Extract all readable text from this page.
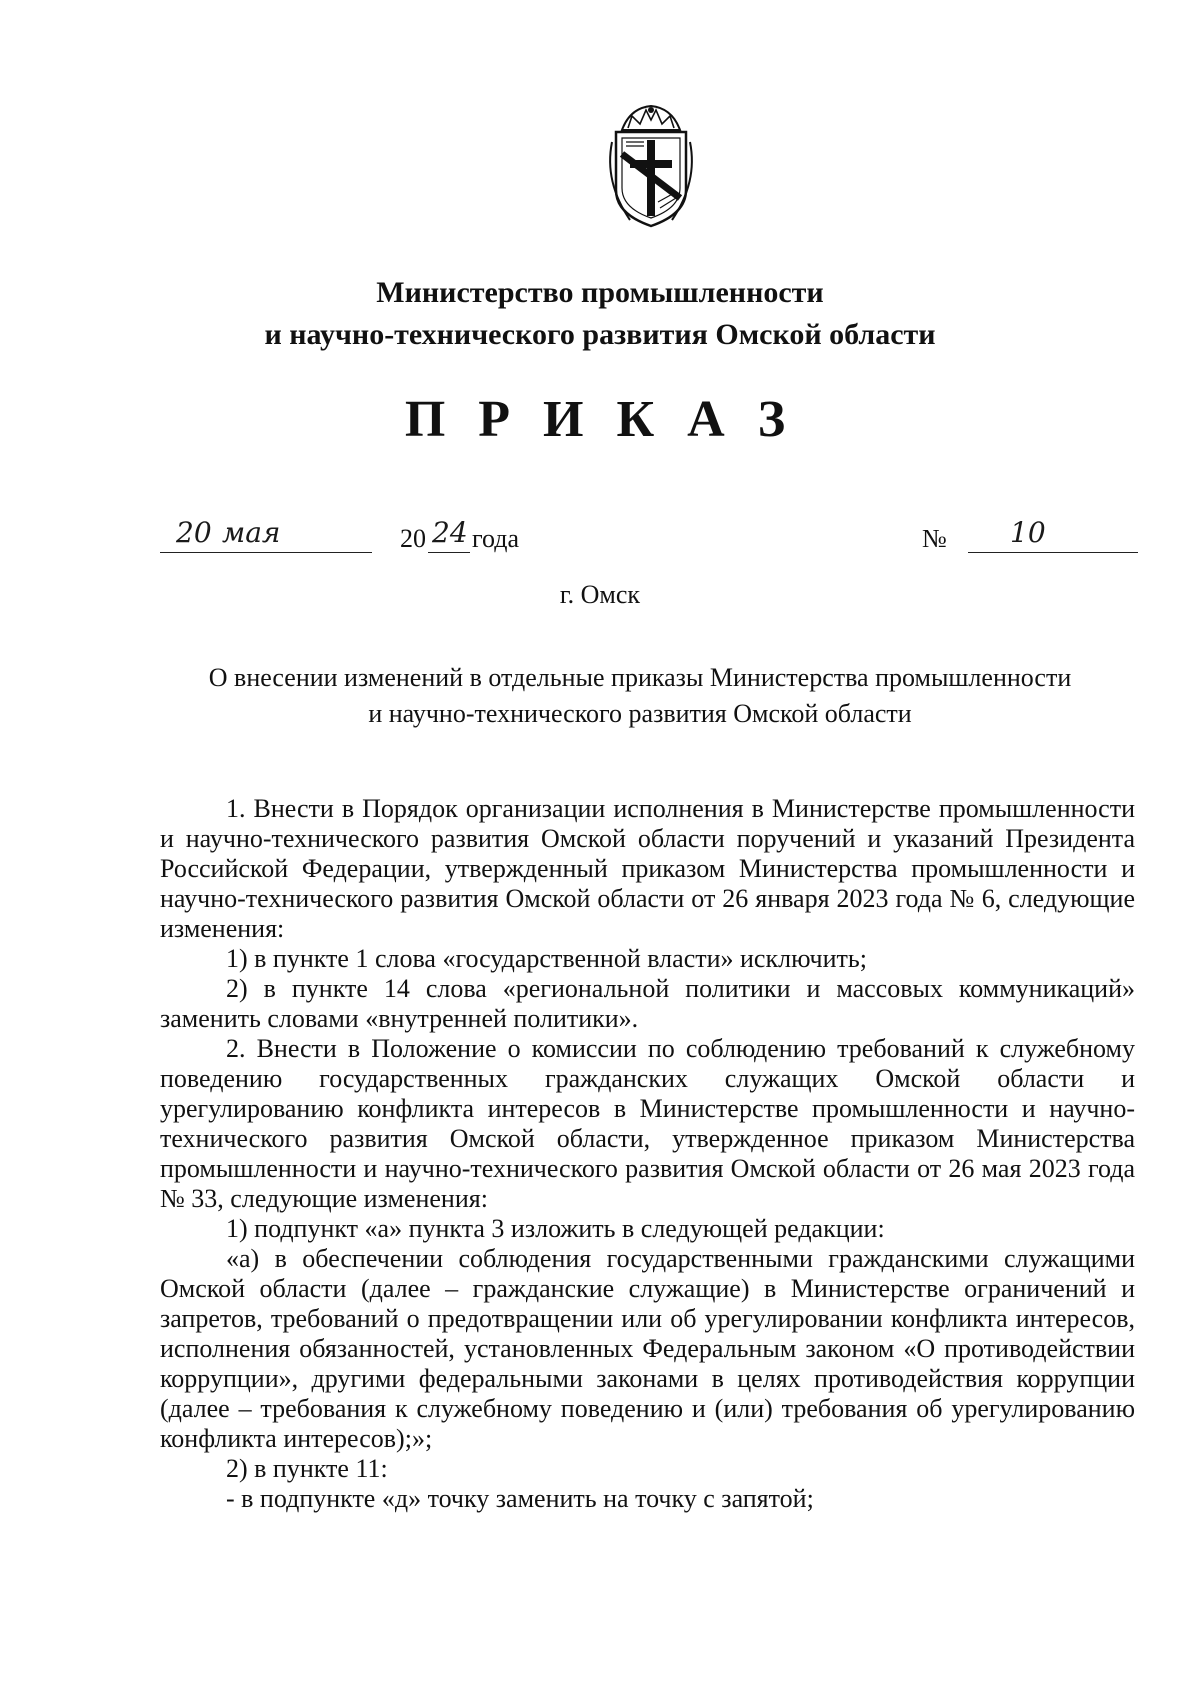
Министерство промышленности
и научно-технического развития Омской области
П Р И К А З
20 мая	20 24 года	№ 10
г. Омск
О внесении изменений в отдельные приказы Министерства промышленности
и научно-технического развития Омской области

1. Внести в Порядок организации исполнения в Министерстве промышленности и научно-технического развития Омской области поручений и указаний Президента Российской Федерации, утвержденный приказом Министерства промышленности и научно-технического развития Омской области от 26 января 2023 года № 6, следующие изменения:

1) в пункте 1 слова «государственной власти» исключить;

2) в пункте 14 слова «региональной политики и массовых коммуникаций» заменить словами «внутренней политики».

2. Внести в Положение о комиссии по соблюдению требований к служебному поведению государственных гражданских служащих Омской области и урегулированию конфликта интересов в Министерстве промышленности и научно-технического развития Омской области, утвержденное приказом Министерства промышленности и научно-технического развития Омской области от 26 мая 2023 года № 33, следующие изменения:

1) подпункт «а» пункта 3 изложить в следующей редакции:

«а) в обеспечении соблюдения государственными гражданскими служащими Омской области (далее – гражданские служащие) в Министерстве ограничений и запретов, требований о предотвращении или об урегулировании конфликта интересов, исполнения обязанностей, установленных Федеральным законом «О противодействии коррупции», другими федеральными законами в целях противодействия коррупции (далее – требования к служебному поведению и (или) требования об урегулированию конфликта интересов);»;

2) в пункте 11:

- в подпункте «д» точку заменить на точку с запятой;
